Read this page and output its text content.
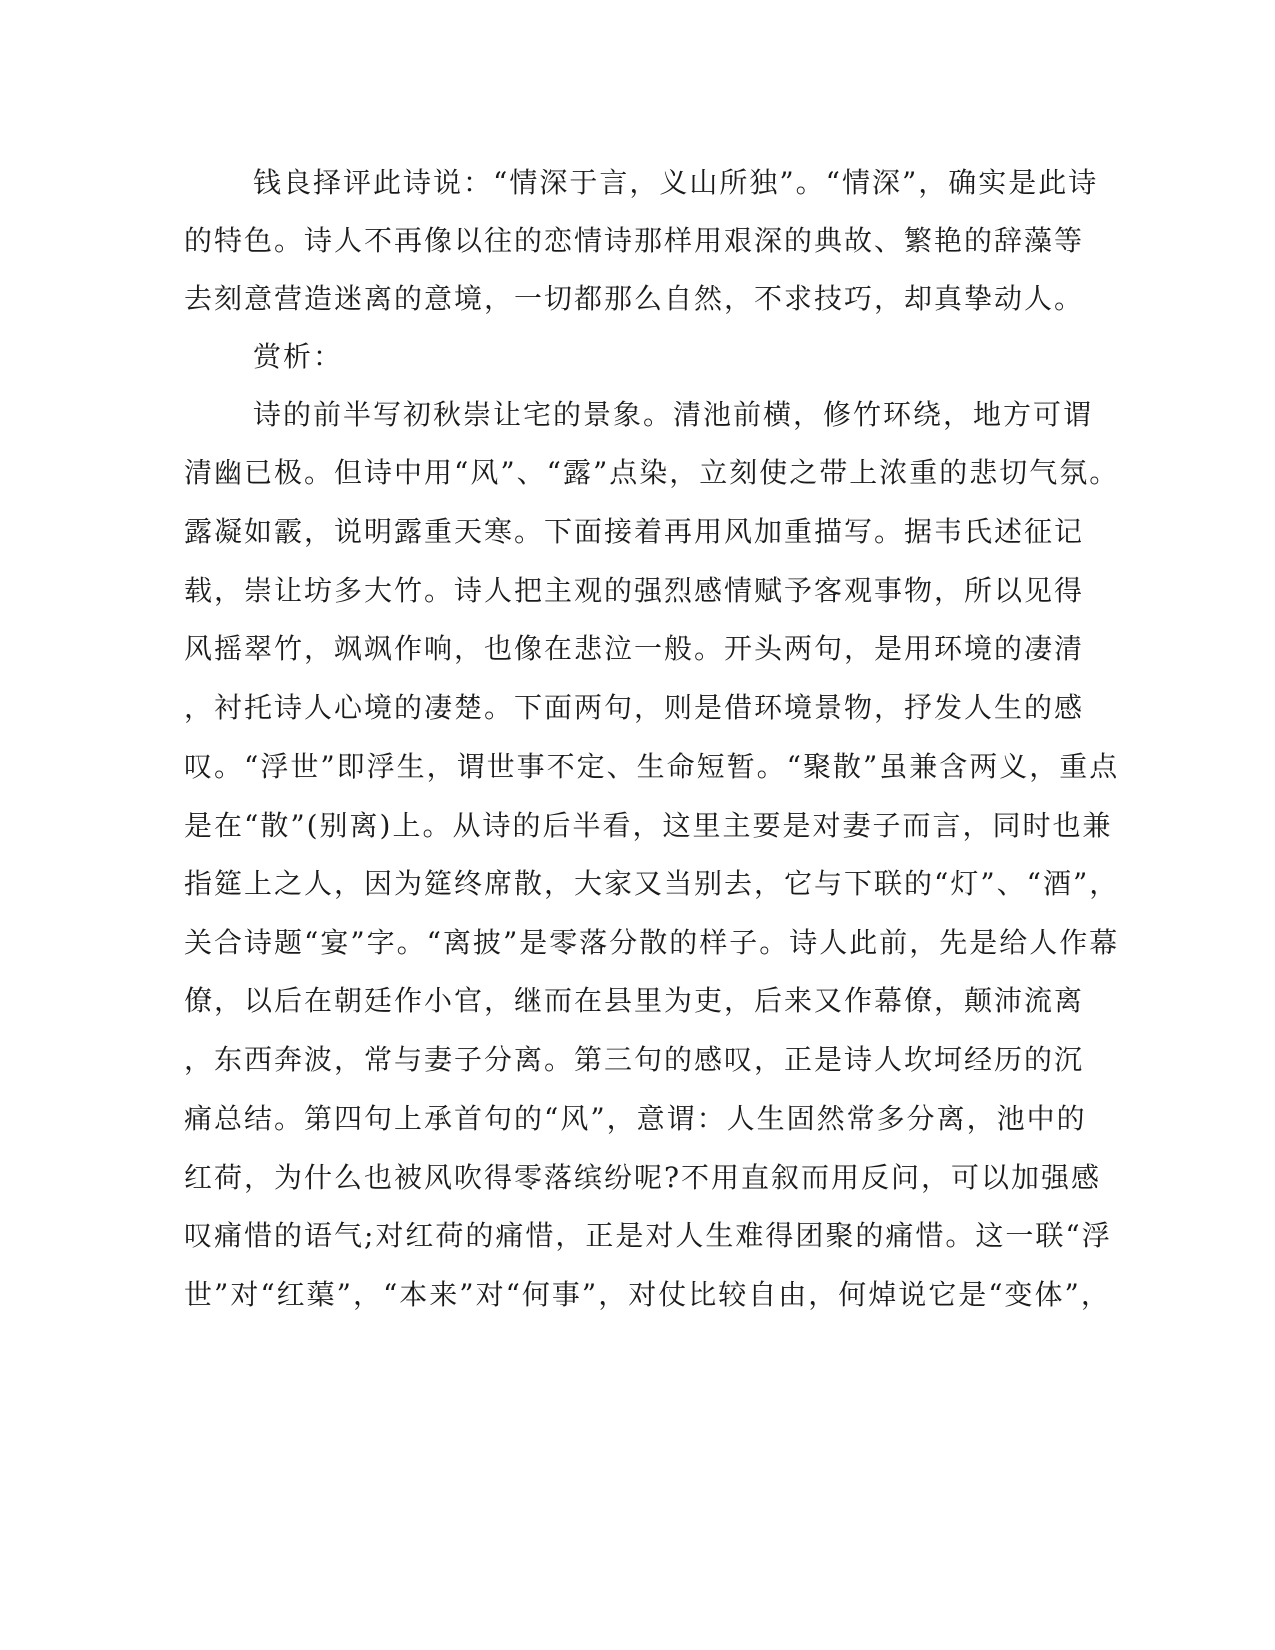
钱良择评此诗说：“情深于言，义山所独”。“情深”，确实是此诗
的特色。诗人不再像以往的恋情诗那样用艰深的典故、繁艳的辞藻等
去刻意营造迷离的意境，一切都那么自然，不求技巧，却真挚动人。
赏析：
诗的前半写初秋崇让宅的景象。清池前横，修竹环绕，地方可谓
清幽已极。但诗中用“风”、“露”点染，立刻使之带上浓重的悲切气氛。
露凝如霰，说明露重天寒。下面接着再用风加重描写。据韦氏述征记
载，崇让坊多大竹。诗人把主观的强烈感情赋予客观事物，所以见得
风摇翠竹，飒飒作响，也像在悲泣一般。开头两句，是用环境的凄清
，衬托诗人心境的凄楚。下面两句，则是借环境景物，抒发人生的感
叹。“浮世”即浮生，谓世事不定、生命短暂。“聚散”虽兼含两义，重点
是在“散”(别离)上。从诗的后半看，这里主要是对妻子而言，同时也兼
指筵上之人，因为筵终席散，大家又当别去，它与下联的“灯”、“酒”，
关合诗题“宴”字。“离披”是零落分散的样子。诗人此前，先是给人作幕
僚，以后在朝廷作小官，继而在县里为吏，后来又作幕僚，颠沛流离
，东西奔波，常与妻子分离。第三句的感叹，正是诗人坎坷经历的沉
痛总结。第四句上承首句的“风”，意谓：人生固然常多分离，池中的
红荷，为什么也被风吹得零落缤纷呢?不用直叙而用反问，可以加强感
叹痛惜的语气;对红荷的痛惜，正是对人生难得团聚的痛惜。这一联“浮
世”对“红蕖”，“本来”对“何事”，对仗比较自由，何焯说它是“变体”，
